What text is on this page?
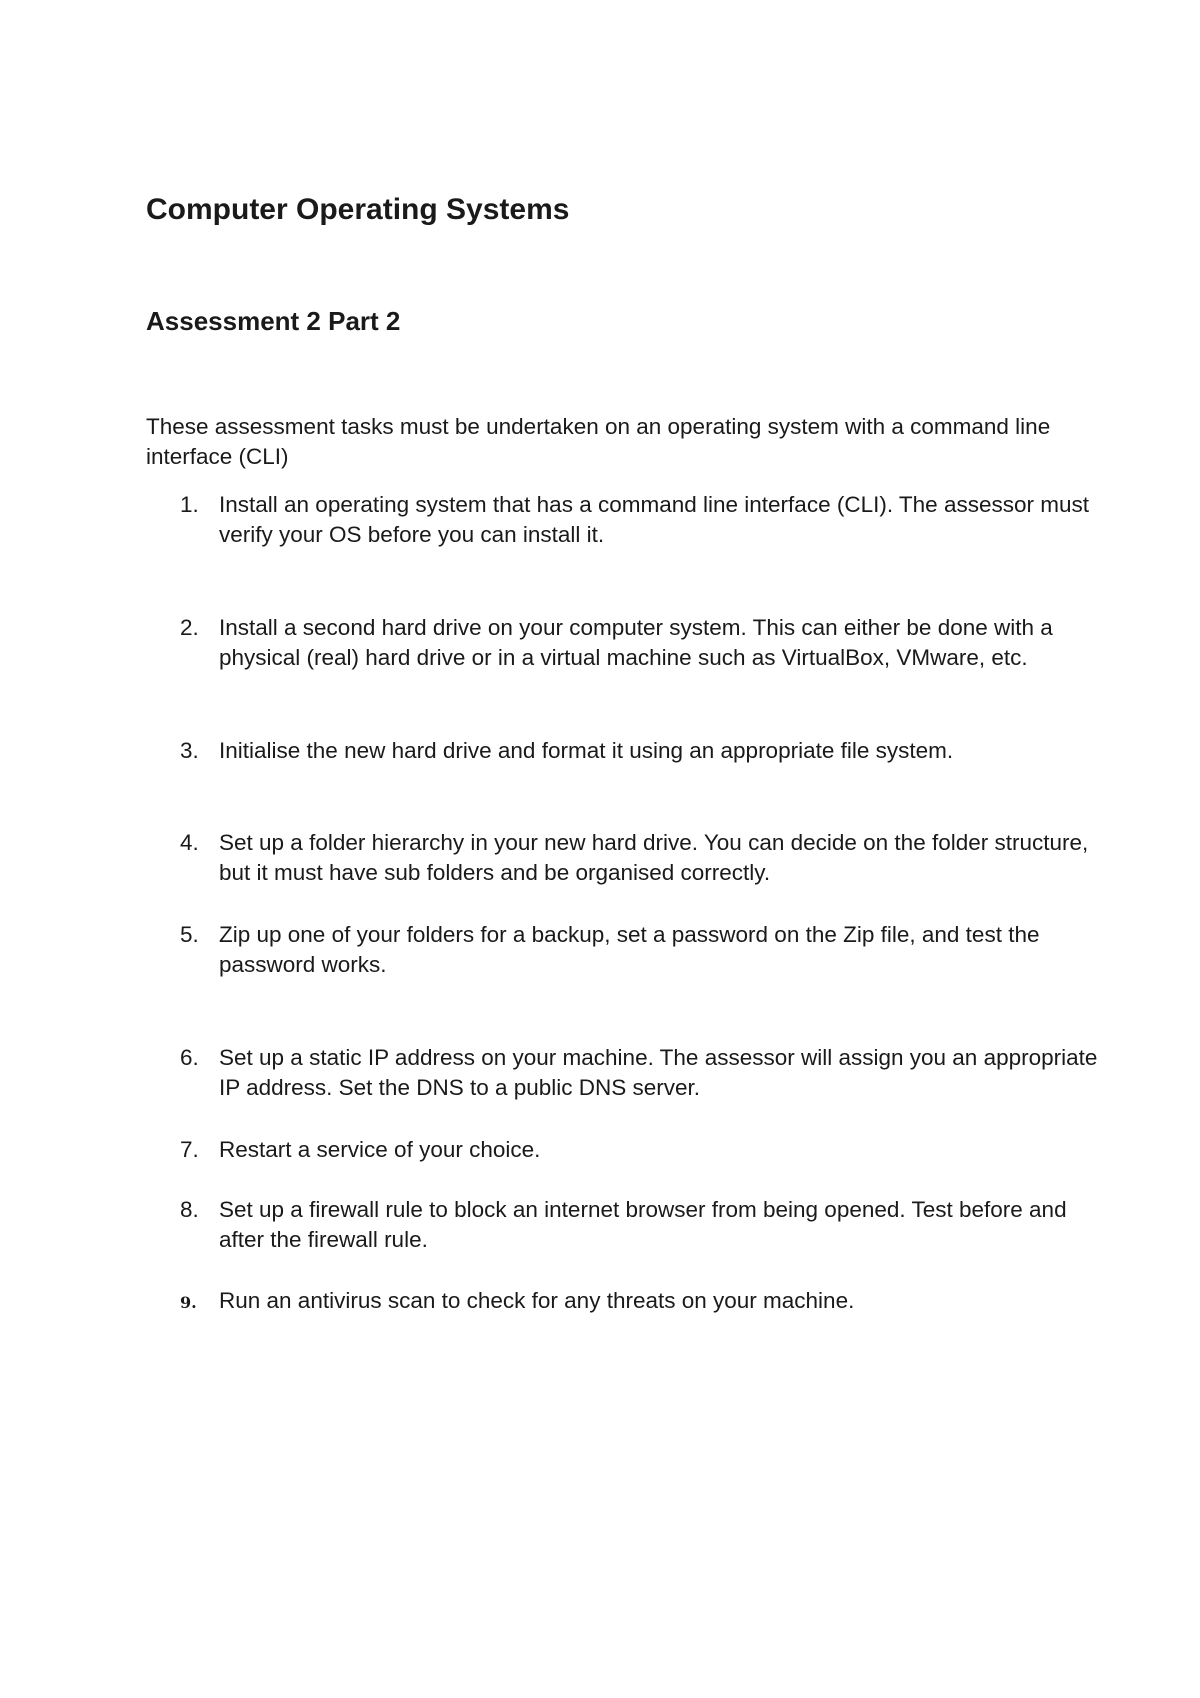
Computer Operating Systems
Assessment 2 Part 2

These assessment tasks must be undertaken on an operating system with a command line interface (CLI)

1. Install an operating system that has a command line interface (CLI). The assessor must verify your OS before you can install it.
2. Install a second hard drive on your computer system. This can either be done with a physical (real) hard drive or in a virtual machine such as VirtualBox, VMware, etc.
3. Initialise the new hard drive and format it using an appropriate file system.
4. Set up a folder hierarchy in your new hard drive. You can decide on the folder structure, but it must have sub folders and be organised correctly.
5. Zip up one of your folders for a backup, set a password on the Zip file, and test the password works.
6. Set up a static IP address on your machine. The assessor will assign you an appropriate IP address. Set the DNS to a public DNS server.
7. Restart a service of your choice.
8. Set up a firewall rule to block an internet browser from being opened. Test before and after the firewall rule.
9. Run an antivirus scan to check for any threats on your machine.
